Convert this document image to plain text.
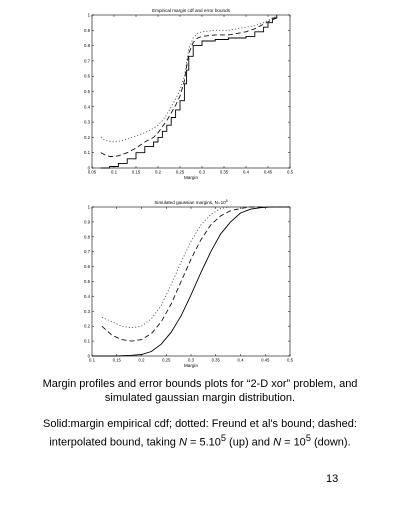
Empirical margin cdf and error bounds
0.05	0.1	0.15	0.2	0.25	0.3	0.35	0.4	0.45	0.5
0
0.1
0.2
0.3
0.4
0.5
0.6
0.7
0.8
0.9
1
Margin
Simulated gaussian margins, $N=10^5$
0.1	0.15	0.2	0.25	0.3	0.35	0.4	0.45	0.5
0
0.1
0.2
0.3
0.4
0.5
0.6
0.7
0.8
0.9
1
Margin

Margin profiles and error bounds plots for “2-D xor” problem, and
simulated gaussian margin distribution.

Solid:margin empirical cdf; dotted: Freund et al's bound; dashed:
interpolated bound, taking $N = 5.10^5$ (up) and $N = 10^5$ (down).

13
